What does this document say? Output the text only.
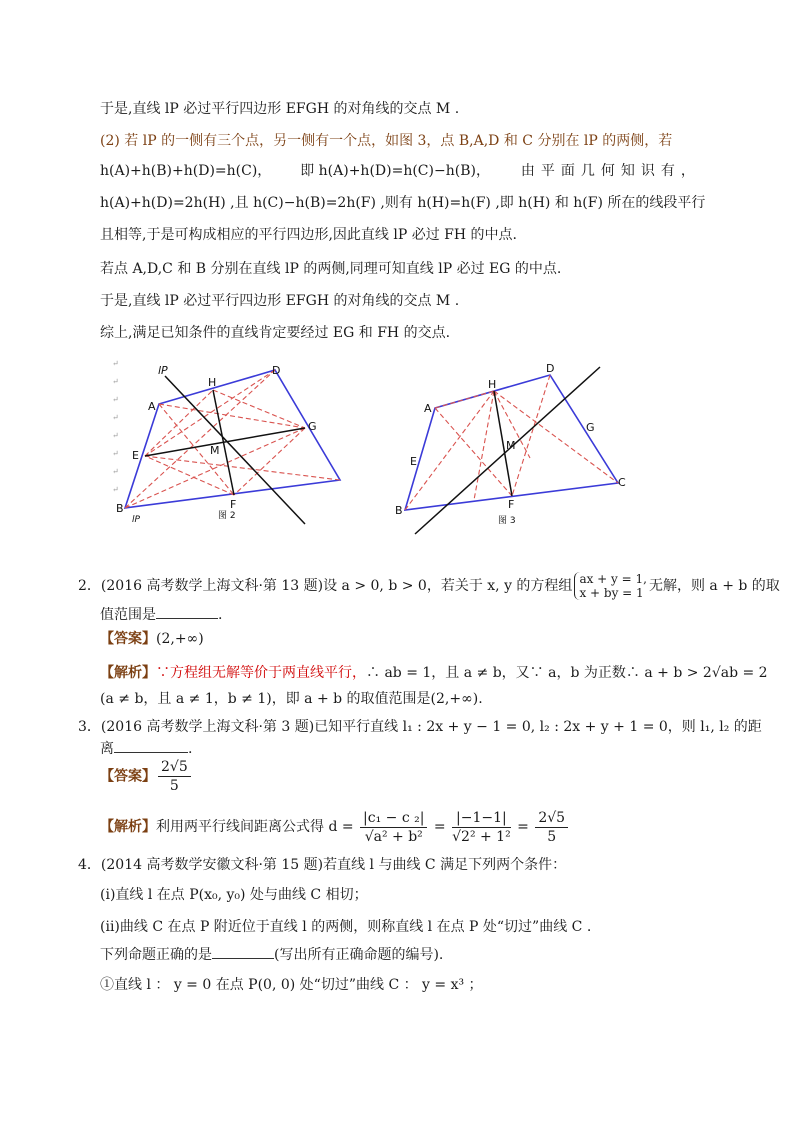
于是,直线 lP 必过平行四边形 EFGH 的对角线的交点 M .
(2) 若 lP 的一侧有三个点，另一侧有一个点，如图 3，点 B,A,D 和 C 分别在 lP 的两侧，若
h(A)+h(B)+h(D)=h(C)， 即 h(A)+h(D)=h(C)−h(B)， 由平面几何知识有，
h(A)+h(D)=2h(H) ,且 h(C)−h(B)=2h(F) ,则有 h(H)=h(F) ,即 h(H) 和 h(F) 所在的线段平行
且相等,于是可构成相应的平行四边形,因此直线 lP 必过 FH 的中点.
若点 A,D,C 和 B 分别在直线 lP 的两侧,同理可知直线 lP 必过 EG 的中点.
于是,直线 lP 必过平行四边形 EFGH 的对角线的交点 M .
综上,满足已知条件的直线肯定要经过 EG 和 FH 的交点.
↵
↵
↵
↵
↵
↵
↵
↵
lP
H
D
A
G
E	M
F
B
lP	图 2
H
D
A
G
E
M
C
F
B
图 3
2．(2016 高考数学上海文科·第 13 题)设 a > 0, b > 0，若关于 x, y 的方程组 ax + y = 1,
x + by = 1 无解，则 a + b 的取
值范围是	.
【答案】(2,+∞)
【解析】∵方程组无解等价于两直线平行，∴ ab = 1，且 a ≠ b，又∵ a，b 为正数∴ a + b > 2√ab = 2
(a ≠ b，且 a ≠ 1，b ≠ 1)，即 a + b 的取值范围是(2,+∞).
3．(2016 高考数学上海文科·第 3 题)已知平行直线 l₁ : 2x + y − 1 = 0, l₂ : 2x + y + 1 = 0，则 l₁, l₂ 的距
离	.
【答案】 $\frac{2√5}{5}$
【解析】利用两平行线间距离公式得 $d = \frac{\text{|c₁ − c ₂|}}{\text{√a² + b²}} = \frac{|-1-1|}{\text{√2² + 1²}} = \frac{2√5}{5}$
4．(2014 高考数学安徽文科·第 15 题)若直线 l 与曲线 C 满足下列两个条件：
(ⅰ)直线 l 在点 P(x₀, y₀) 处与曲线 C 相切；
(ⅱ)曲线 C 在点 P 附近位于直线 l 的两侧，则称直线 l 在点 P 处“切过”曲线 C .
下列命题正确的是	(写出所有正确命题的编号).
①直线 l ： y = 0 在点 P(0, 0) 处“切过”曲线 C ： y = x³ ；
